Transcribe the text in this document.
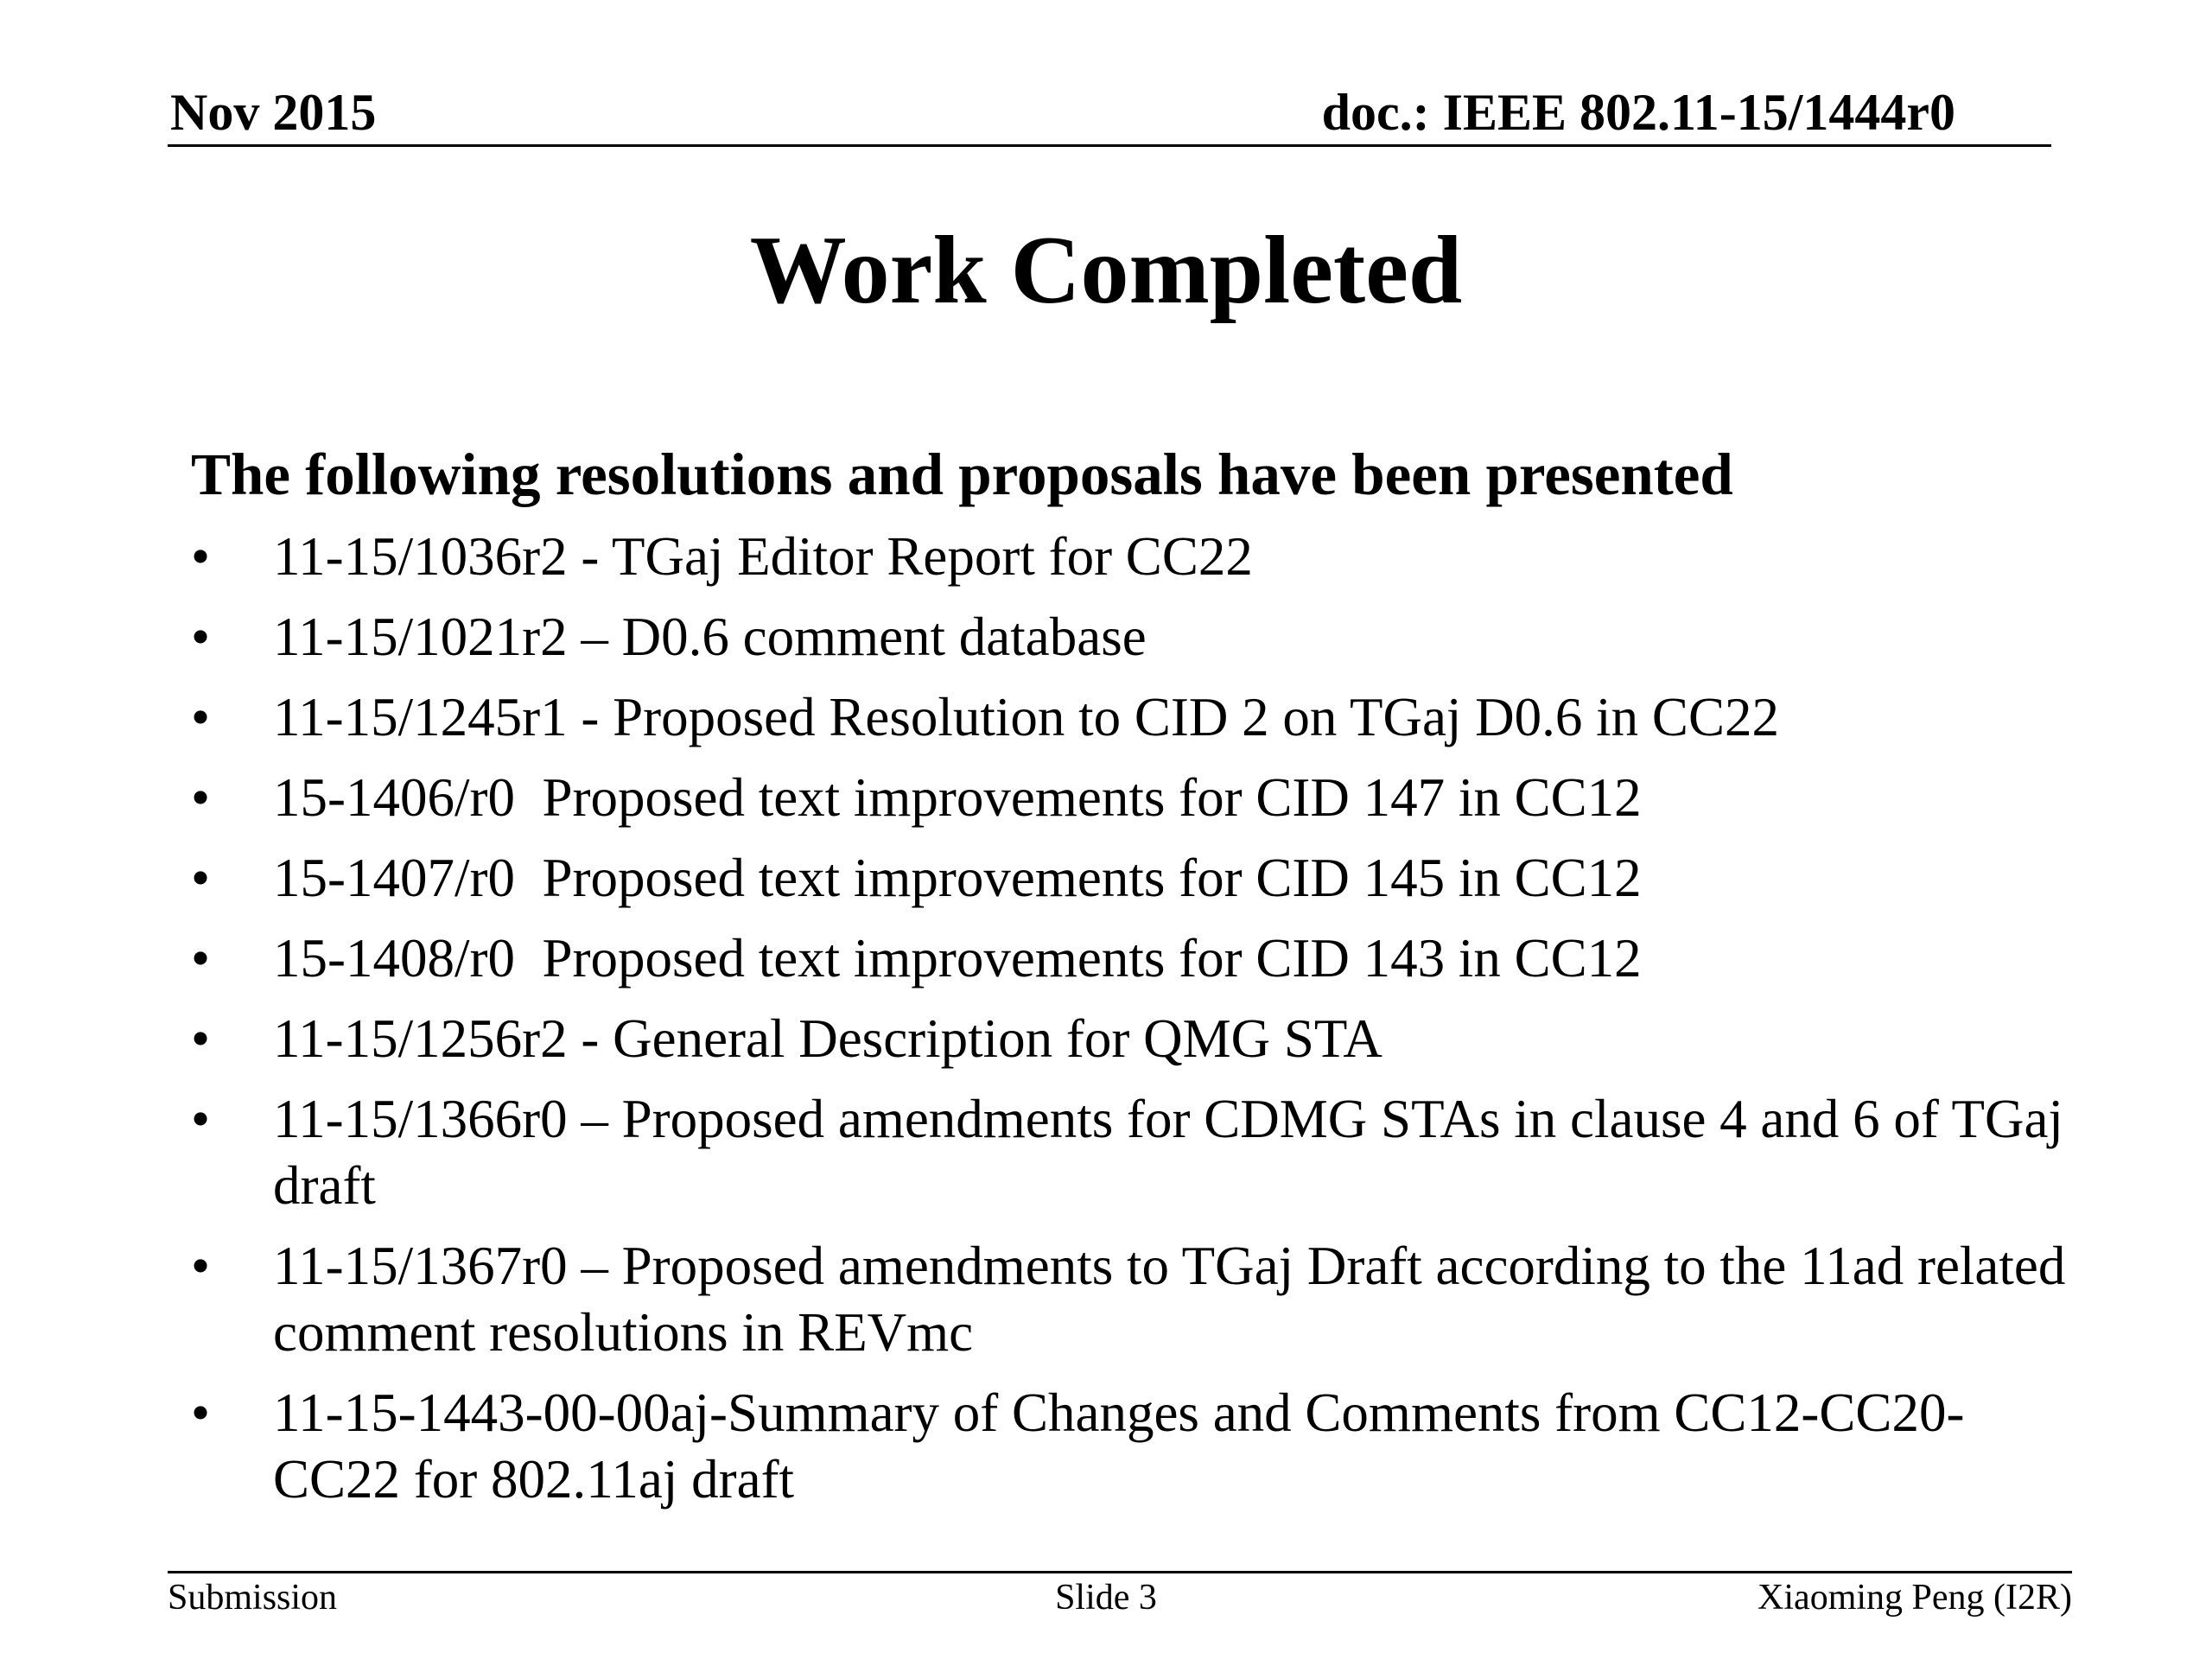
Nov 2015	doc.: IEEE 802.11-15/1444r0
Work Completed
The following resolutions and proposals have been presented
•	11-15/1036r2 - TGaj Editor Report for CC22
•	11-15/1021r2 – D0.6 comment database
•	11-15/1245r1 - Proposed Resolution to CID 2 on TGaj D0.6 in CC22
•	15-1406/r0  Proposed text improvements for CID 147 in CC12
•	15-1407/r0  Proposed text improvements for CID 145 in CC12
•	15-1408/r0  Proposed text improvements for CID 143 in CC12
•	11-15/1256r2 - General Description for QMG STA
•	11-15/1366r0 – Proposed amendments for CDMG STAs in clause 4 and 6 of TGaj draft
•	11-15/1367r0 – Proposed amendments to TGaj Draft according to the 11ad related comment resolutions in REVmc
•	11-15-1443-00-00aj-Summary of Changes and Comments from CC12-CC20-CC22 for 802.11aj draft
Submission	Slide 3	Xiaoming Peng (I2R)
